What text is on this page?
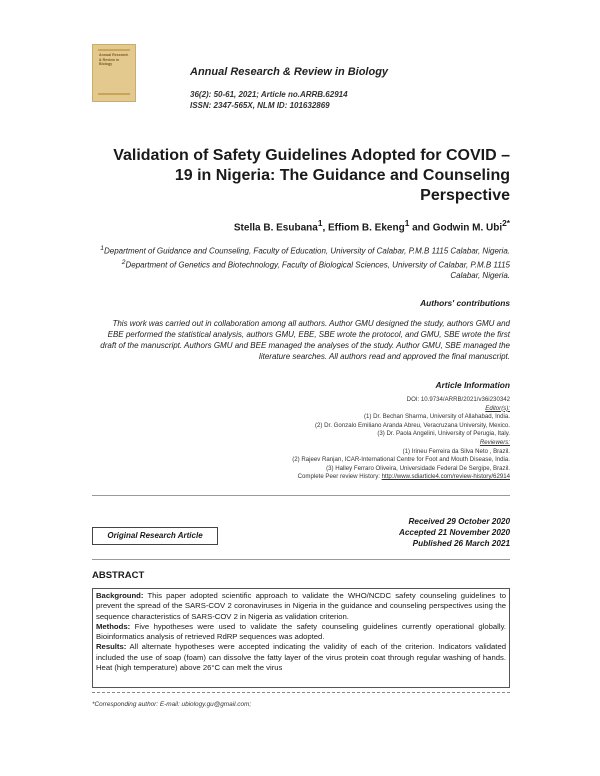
Annual Research & Review in Biology
Annual Research & Review in Biology
36(2): 50-61, 2021; Article no.ARRB.62914
ISSN: 2347-565X, NLM ID: 101632869
Validation of Safety Guidelines Adopted for COVID – 19 in Nigeria: The Guidance and Counseling Perspective
Stella B. Esubana$^1$, Effiom B. Ekeng$^1$ and Godwin M. Ubi$^{2*}$

$^1$Department of Guidance and Counseling, Faculty of Education, University of Calabar, P.M.B 1115 Calabar, Nigeria.

$^2$Department of Genetics and Biotechnology, Faculty of Biological Sciences, University of Calabar, P.M.B 1115 Calabar, Nigeria.

Authors' contributions
This work was carried out in collaboration among all authors. Author GMU designed the study, authors GMU and EBE performed the statistical analysis, authors GMU, EBE, SBE wrote the protocol, and GMU, SBE wrote the first draft of the manuscript. Authors GMU and BEE managed the analyses of the study. Author GMU, SBE managed the literature searches. All authors read and approved the final manuscript.
Article Information
DOI: 10.9734/ARRB/2021/v36i230342
Editor(s):
(1) Dr. Bechan Sharma, University of Allahabad, India.
(2) Dr. Gonzalo Emiliano Aranda Abreu, Veracruzana University, Mexico.
(3) Dr. Paola Angelini, University of Perugia, Italy.
Reviewers:
(1) Irineu Ferreira da Silva Neto , Brazil.
(2) Rajeev Ranjan, ICAR-International Centre for Foot and Mouth Disease, India.
(3) Halley Ferraro Oliveira, Universidade Federal De Sergipe, Brazil.
Complete Peer review History: http://www.sdiarticle4.com/review-history/62914
Original Research Article
Received 29 October 2020
Accepted 21 November 2020
Published 26 March 2021
ABSTRACT

Background: This paper adopted scientific approach to validate the WHO/NCDC safety counseling guidelines to prevent the spread of the SARS-COV 2 coronaviruses in Nigeria in the guidance and counseling perspectives using the sequence characteristics of SARS-COV 2 in Nigeria as validation criterion.

Methods: Five hypotheses were used to validate the safety counseling guidelines currently operational globally. Bioinformatics analysis of retrieved RdRP sequences was adopted.

Results: All alternate hypotheses were accepted indicating the validity of each of the criterion. Indicators validated included the use of soap (foam) can dissolve the fatty layer of the virus protein coat through regular washing of hands. Heat (high temperature) above 26°C can melt the virus

*Corresponding author: E-mail: ubiology.gu@gmail.com;
